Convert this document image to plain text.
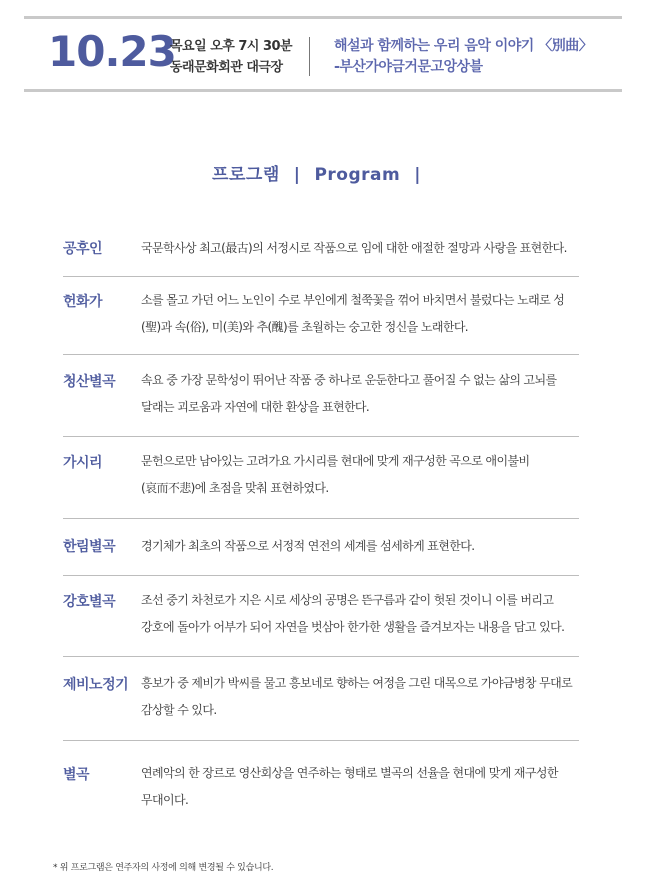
10.23
목요일 오후 7시 30분
동래문화회관 대극장
해설과 함께하는 우리 음악 이야기 〈別曲〉
-부산가야금거문고앙상블
프로그램 | Program |
공후인	국문학사상 최고(最古)의 서정시로 작품으로 임에 대한 애절한 절망과 사랑을 표현한다.
헌화가	소를 몰고 가던 어느 노인이 수로 부인에게 철쭉꽃을 꺾어 바치면서 불렀다는 노래로 성(聖)과 속(俗), 미(美)와 추(醜)를 초월하는 숭고한 정신을 노래한다.
청산별곡	속요 중 가장 문학성이 뛰어난 작품 중 하나로 운둔한다고 풀어질 수 없는 삶의 고뇌를 달래는 괴로움과 자연에 대한 환상을 표현한다.
가시리	문헌으로만 남아있는 고려가요 가시리를 현대에 맞게 재구성한 곡으로 애이불비(哀而不悲)에 초점을 맞춰 표현하였다.
한림별곡	경기체가 최초의 작품으로 서정적 연전의 세계를 섬세하게 표현한다.
강호별곡	조선 중기 차천로가 지은 시로 세상의 공명은 뜬구름과 같이 헛된 것이니 이를 버리고 강호에 돌아가 어부가 되어 자연을 벗삼아 한가한 생활을 즐겨보자는 내용을 담고 있다.
제비노정기	흥보가 중 제비가 박씨를 물고 흥보네로 향하는 여정을 그린 대목으로 가야금병창 무대로 감상할 수 있다.
별곡	연례악의 한 장르로 영산회상을 연주하는 형태로 별곡의 선율을 현대에 맞게 재구성한 무대이다.
* 위 프로그램은 연주자의 사정에 의해 변경될 수 있습니다.
